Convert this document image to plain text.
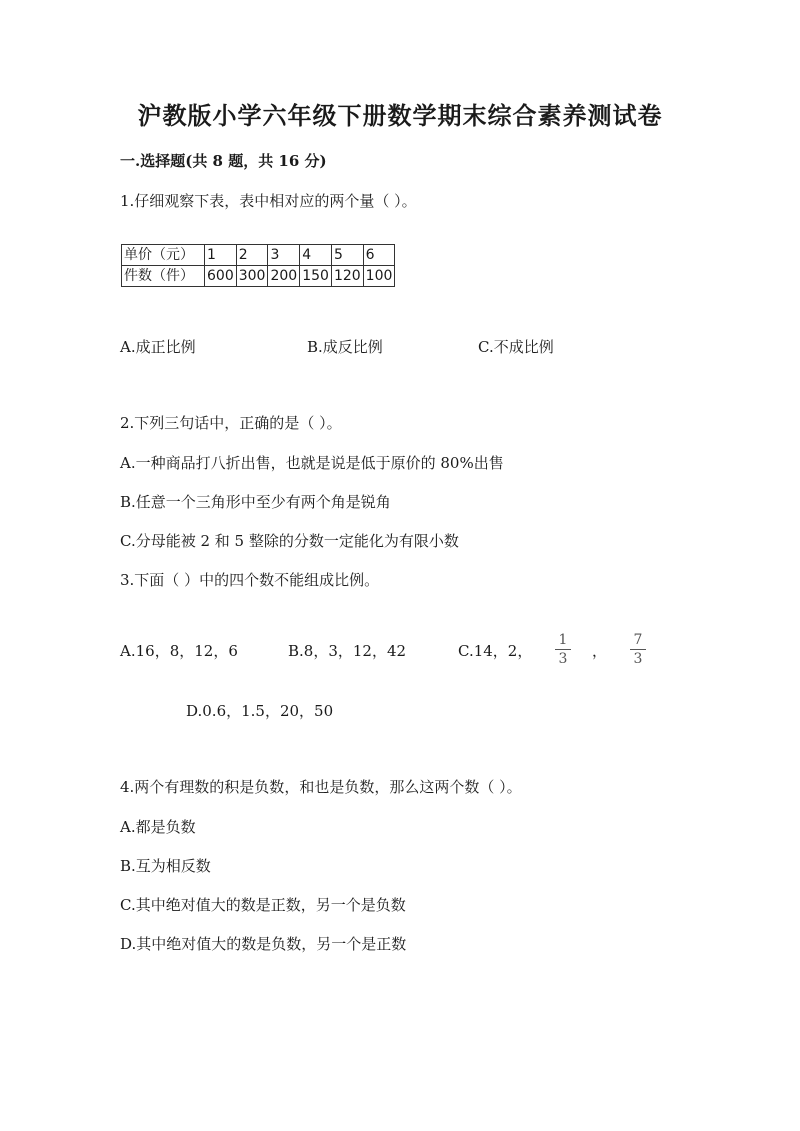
沪教版小学六年级下册数学期末综合素养测试卷
一.选择题(共 8 题，共 16 分)
1.仔细观察下表，表中相对应的两个量（ ）。
单价（元）	1	2	3	4	5	6
件数（件）	600	300	200	150	120	100
A.成正比例	B.成反比例	C.不成比例
2.下列三句话中，正确的是（ ）。
A.一种商品打八折出售，也就是说是低于原价的 80%出售
B.任意一个三角形中至少有两个角是锐角
C.分母能被 2 和 5 整除的分数一定能化为有限小数
3.下面（ ）中的四个数不能组成比例。
A.16，8，12，6	B.8，3，12，42	C.14，2，
1
3 ，
7
3
D.0.6，1.5，20，50
4.两个有理数的积是负数，和也是负数，那么这两个数（ ）。
A.都是负数
B.互为相反数
C.其中绝对值大的数是正数，另一个是负数
D.其中绝对值大的数是负数，另一个是正数
